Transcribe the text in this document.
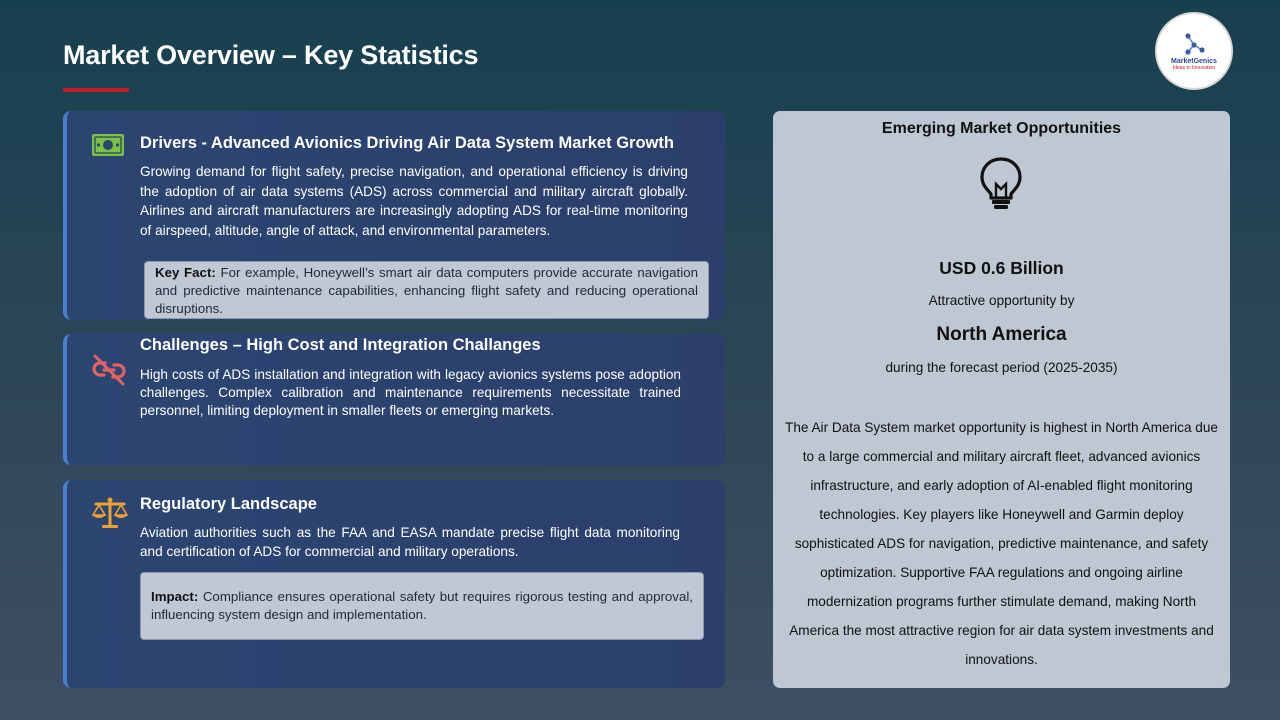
Market Overview – Key Statistics	MarketGenics
Ideas to Innovation
Drivers - Advanced Avionics Driving Air Data System Market Growth
Growing demand for flight safety, precise navigation, and operational efficiency is driving the adoption of air data systems (ADS) across commercial and military aircraft globally. Airlines and aircraft manufacturers are increasingly adopting ADS for real-time monitoring of airspeed, altitude, angle of attack, and environmental parameters.
Key Fact: For example, Honeywell’s smart air data computers provide accurate navigation and predictive maintenance capabilities, enhancing flight safety and reducing operational disruptions.
Challenges – High Cost and Integration Challanges
High costs of ADS installation and integration with legacy avionics systems pose adoption challenges. Complex calibration and maintenance requirements necessitate trained personnel, limiting deployment in smaller fleets or emerging markets.
Regulatory Landscape
Aviation authorities such as the FAA and EASA mandate precise flight data monitoring and certification of ADS for commercial and military operations.
Impact: Compliance ensures operational safety but requires rigorous testing and approval, influencing system design and implementation.
Emerging Market Opportunities
USD 0.6 Billion
Attractive opportunity by
North America
during the forecast period (2025-2035)
The Air Data System market opportunity is highest in North America due to a large commercial and military aircraft fleet, advanced avionics infrastructure, and early adoption of AI-enabled flight monitoring technologies. Key players like Honeywell and Garmin deploy sophisticated ADS for navigation, predictive maintenance, and safety optimization. Supportive FAA regulations and ongoing airline modernization programs further stimulate demand, making North America the most attractive region for air data system investments and innovations.
